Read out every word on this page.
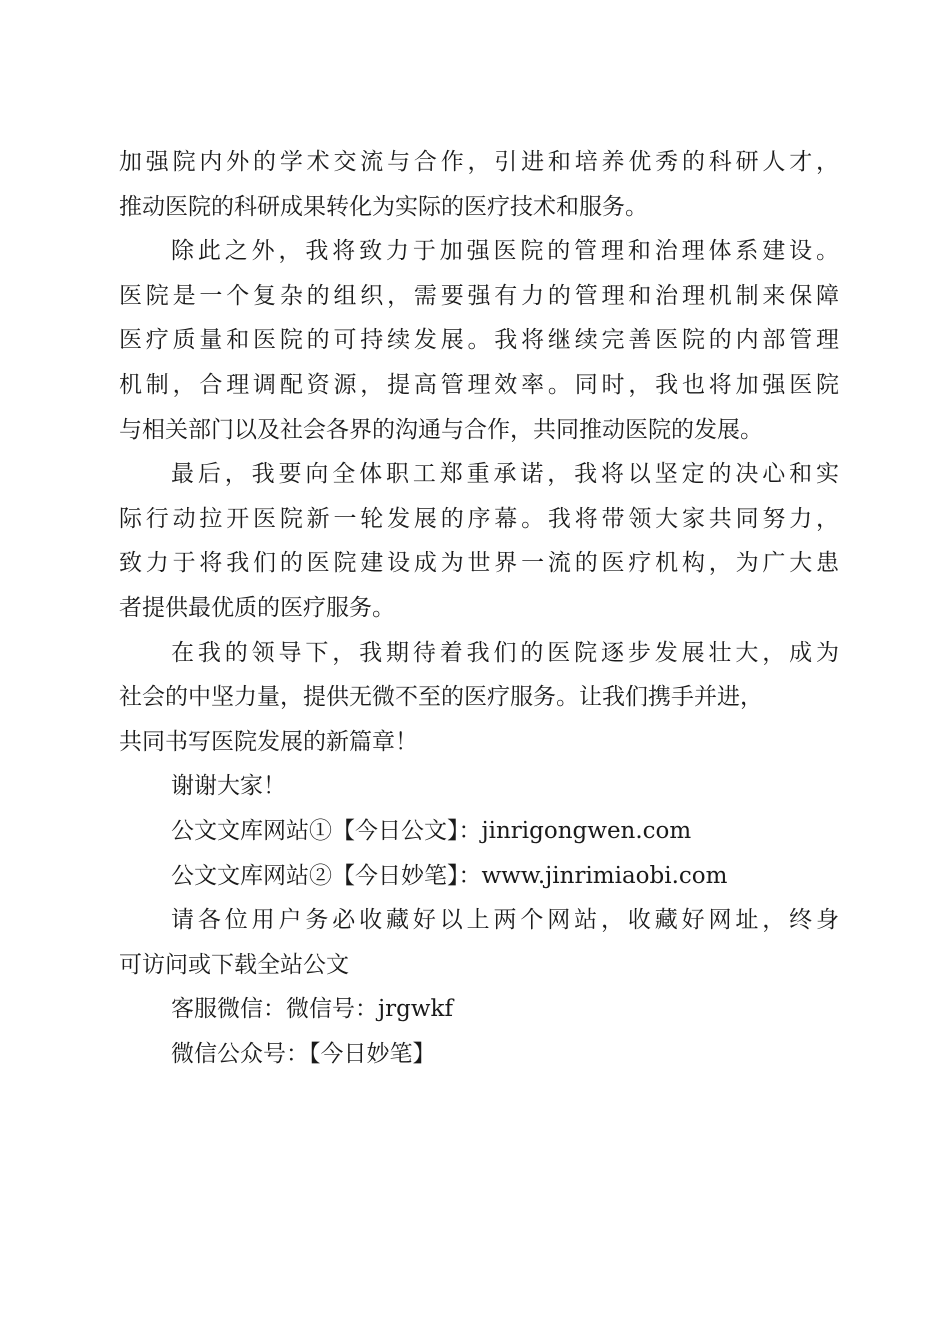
加强院内外的学术交流与合作，引进和培养优秀的科研人才，
推动医院的科研成果转化为实际的医疗技术和服务。
除此之外，我将致力于加强医院的管理和治理体系建设。
医院是一个复杂的组织，需要强有力的管理和治理机制来保障
医疗质量和医院的可持续发展。我将继续完善医院的内部管理
机制，合理调配资源，提高管理效率。同时，我也将加强医院
与相关部门以及社会各界的沟通与合作，共同推动医院的发展。
最后，我要向全体职工郑重承诺，我将以坚定的决心和实
际行动拉开医院新一轮发展的序幕。我将带领大家共同努力，
致力于将我们的医院建设成为世界一流的医疗机构，为广大患
者提供最优质的医疗服务。
在我的领导下，我期待着我们的医院逐步发展壮大，成为
社会的中坚力量，提供无微不至的医疗服务。让我们携手并进，
共同书写医院发展的新篇章！
谢谢大家！
公文文库网站①【今日公文】：jinrigongwen.com
公文文库网站②【今日妙笔】：www.jinrimiaobi.com
请各位用户务必收藏好以上两个网站，收藏好网址，终身
可访问或下载全站公文
客服微信：微信号：jrgwkf
微信公众号：【今日妙笔】
